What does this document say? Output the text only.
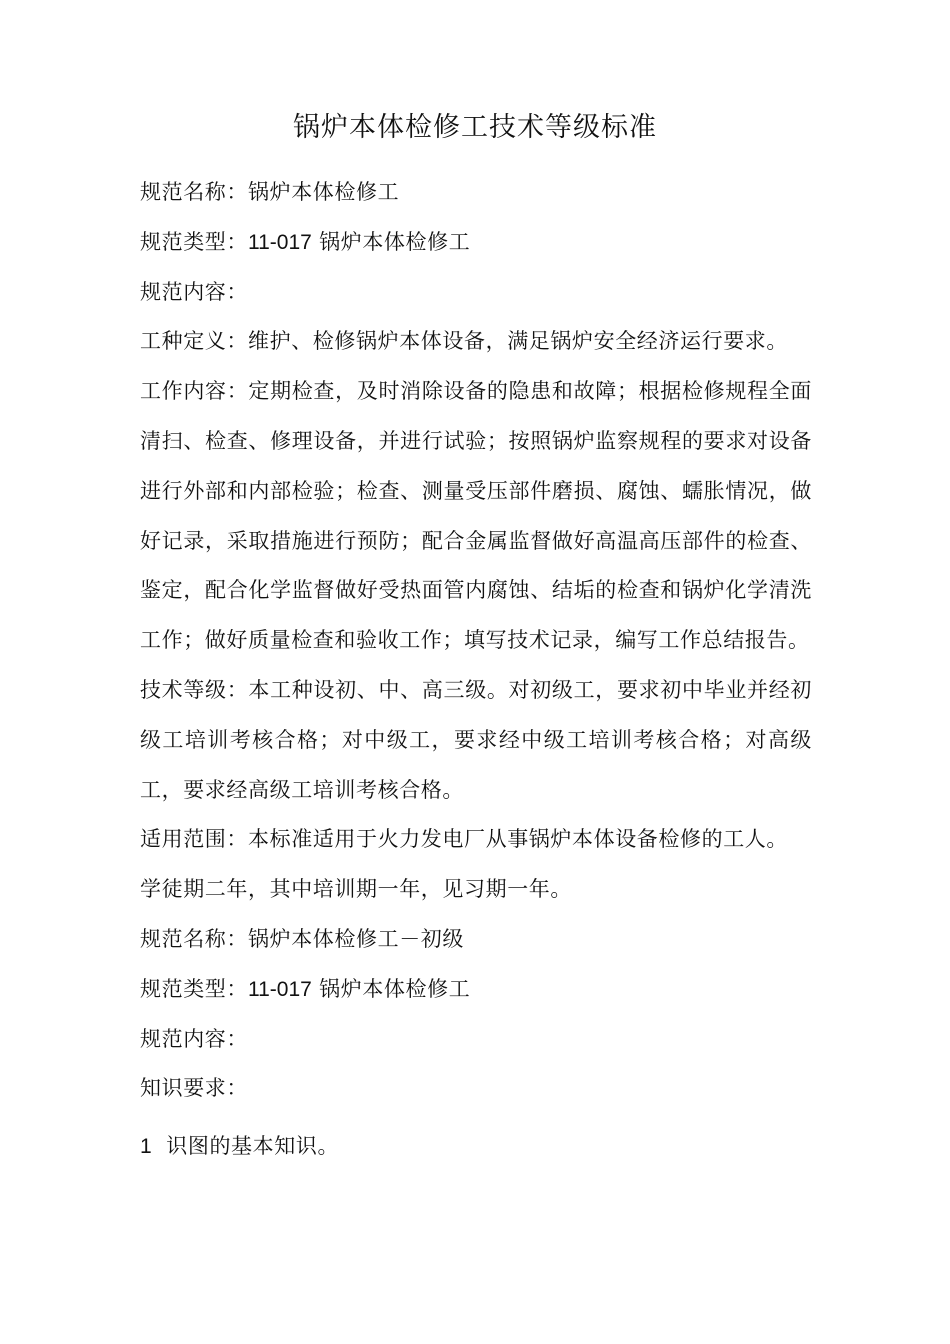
锅炉本体检修工技术等级标准

规范名称：锅炉本体检修工

规范类型：11-017 锅炉本体检修工

规范内容：

工种定义：维护、检修锅炉本体设备，满足锅炉安全经济运行要求。

工作内容：定期检查，及时消除设备的隐患和故障；根据检修规程全面清扫、检查、修理设备，并进行试验；按照锅炉监察规程的要求对设备进行外部和内部检验；检查、测量受压部件磨损、腐蚀、蠕胀情况，做好记录，采取措施进行预防；配合金属监督做好高温高压部件的检查、鉴定，配合化学监督做好受热面管内腐蚀、结垢的检查和锅炉化学清洗工作；做好质量检查和验收工作；填写技术记录，编写工作总结报告。

技术等级：本工种设初、中、高三级。对初级工，要求初中毕业并经初级工培训考核合格；对中级工，要求经中级工培训考核合格；对高级工，要求经高级工培训考核合格。

适用范围：本标准适用于火力发电厂从事锅炉本体设备检修的工人。

学徒期二年，其中培训期一年，见习期一年。

规范名称：锅炉本体检修工－初级

规范类型：11-017 锅炉本体检修工

规范内容：

知识要求：

1 识图的基本知识。
